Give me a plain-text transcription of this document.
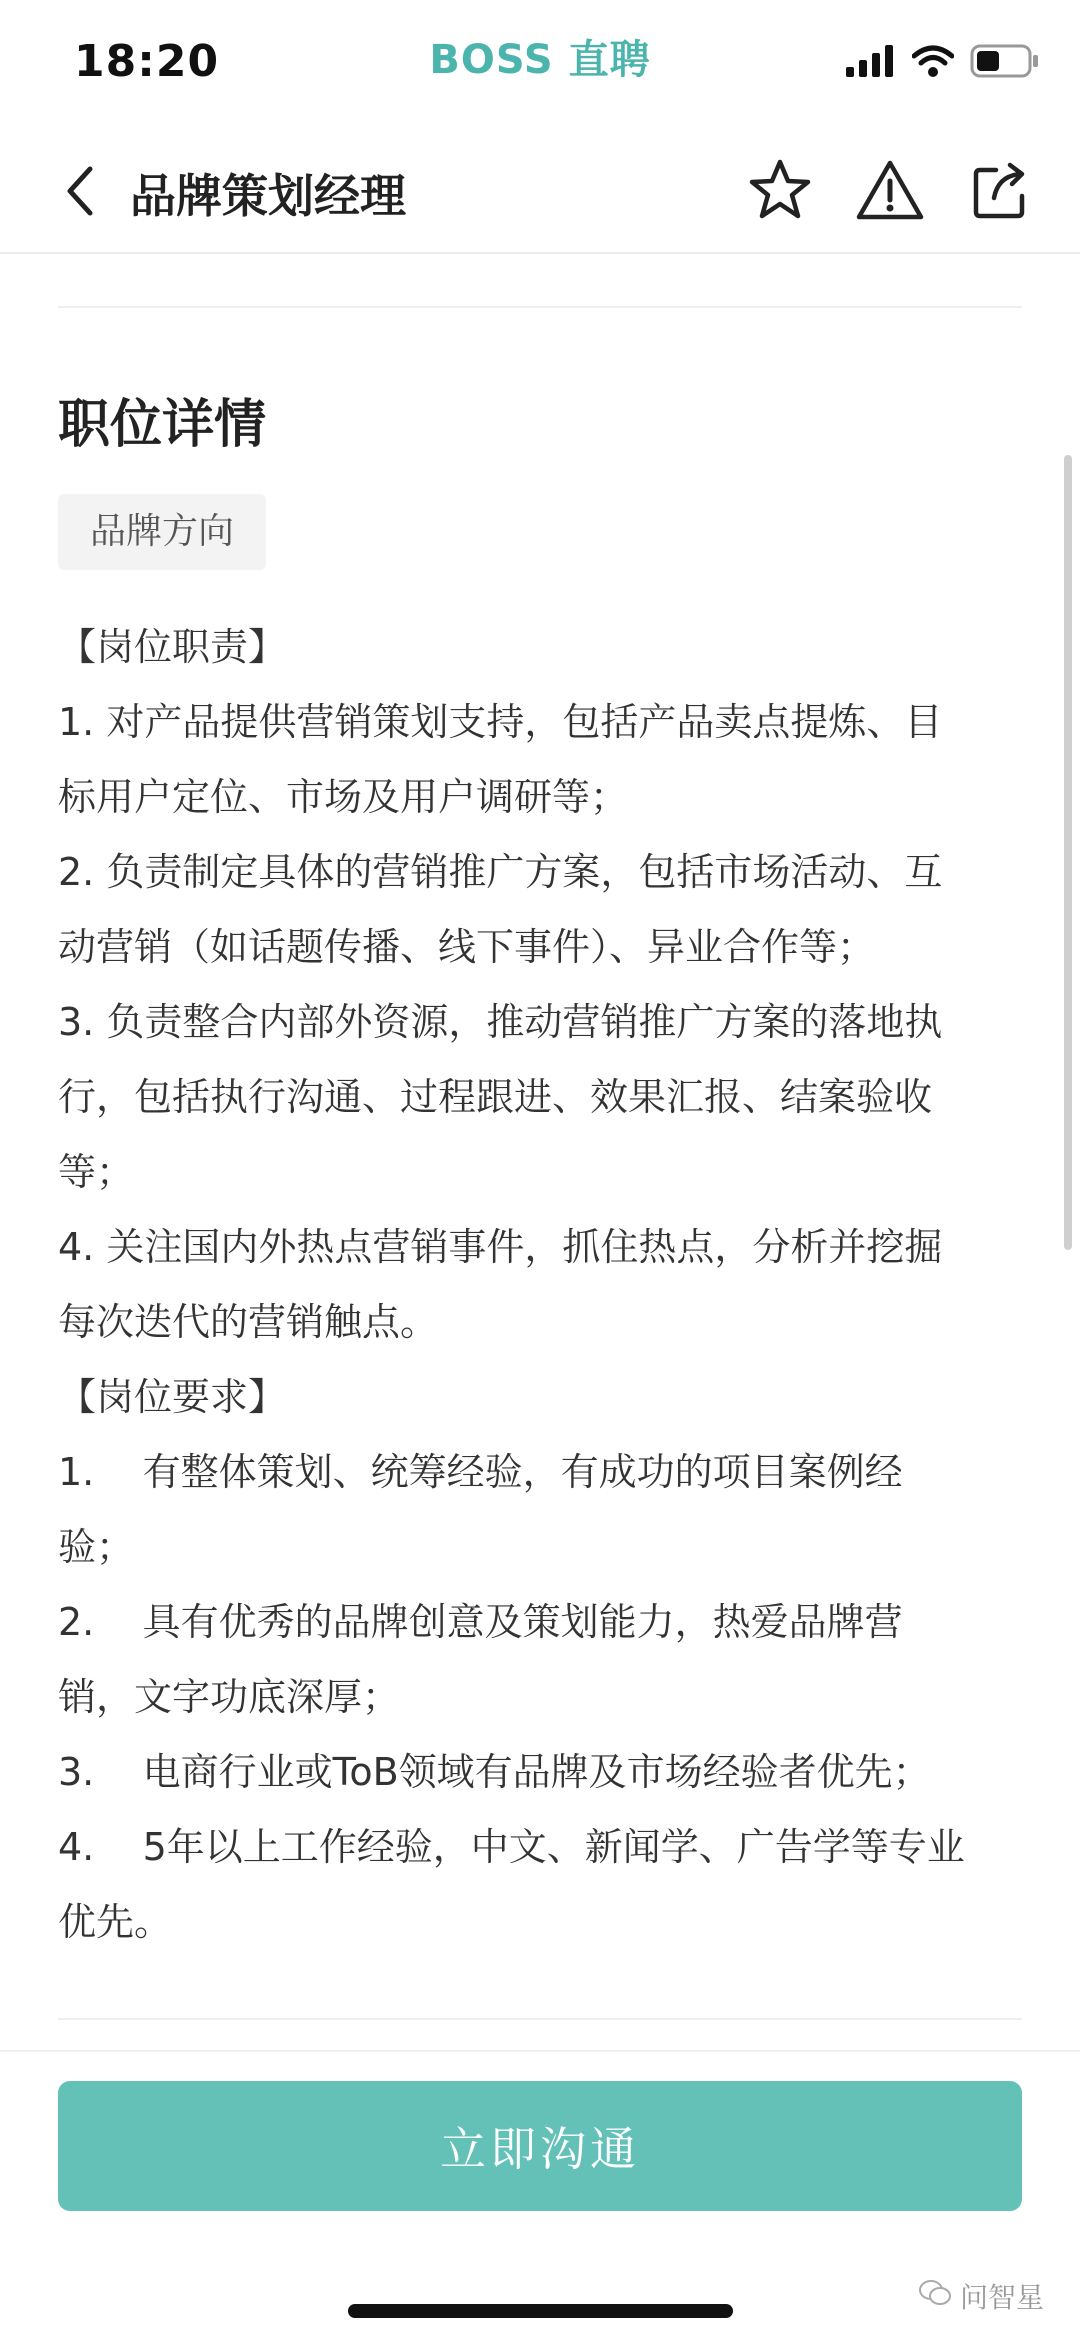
18:20	BOSS 直聘
品牌策划经理
职位详情
品牌方向
【岗位职责】
1. 对产品提供营销策划支持，包括产品卖点提炼、目
标用户定位、市场及用户调研等；
2. 负责制定具体的营销推广方案，包括市场活动、互
动营销（如话题传播、线下事件）、异业合作等；
3. 负责整合内部外资源，推动营销推广方案的落地执
行，包括执行沟通、过程跟进、效果汇报、结案验收
等；
4. 关注国内外热点营销事件，抓住热点，分析并挖掘
每次迭代的营销触点。
【岗位要求】
1.    有整体策划、统筹经验，有成功的项目案例经
验；
2.    具有优秀的品牌创意及策划能力，热爱品牌营
销，文字功底深厚；
3.    电商行业或ToB领域有品牌及市场经验者优先；
4.    5年以上工作经验，中文、新闻学、广告学等专业
优先。
立即沟通
问智星
